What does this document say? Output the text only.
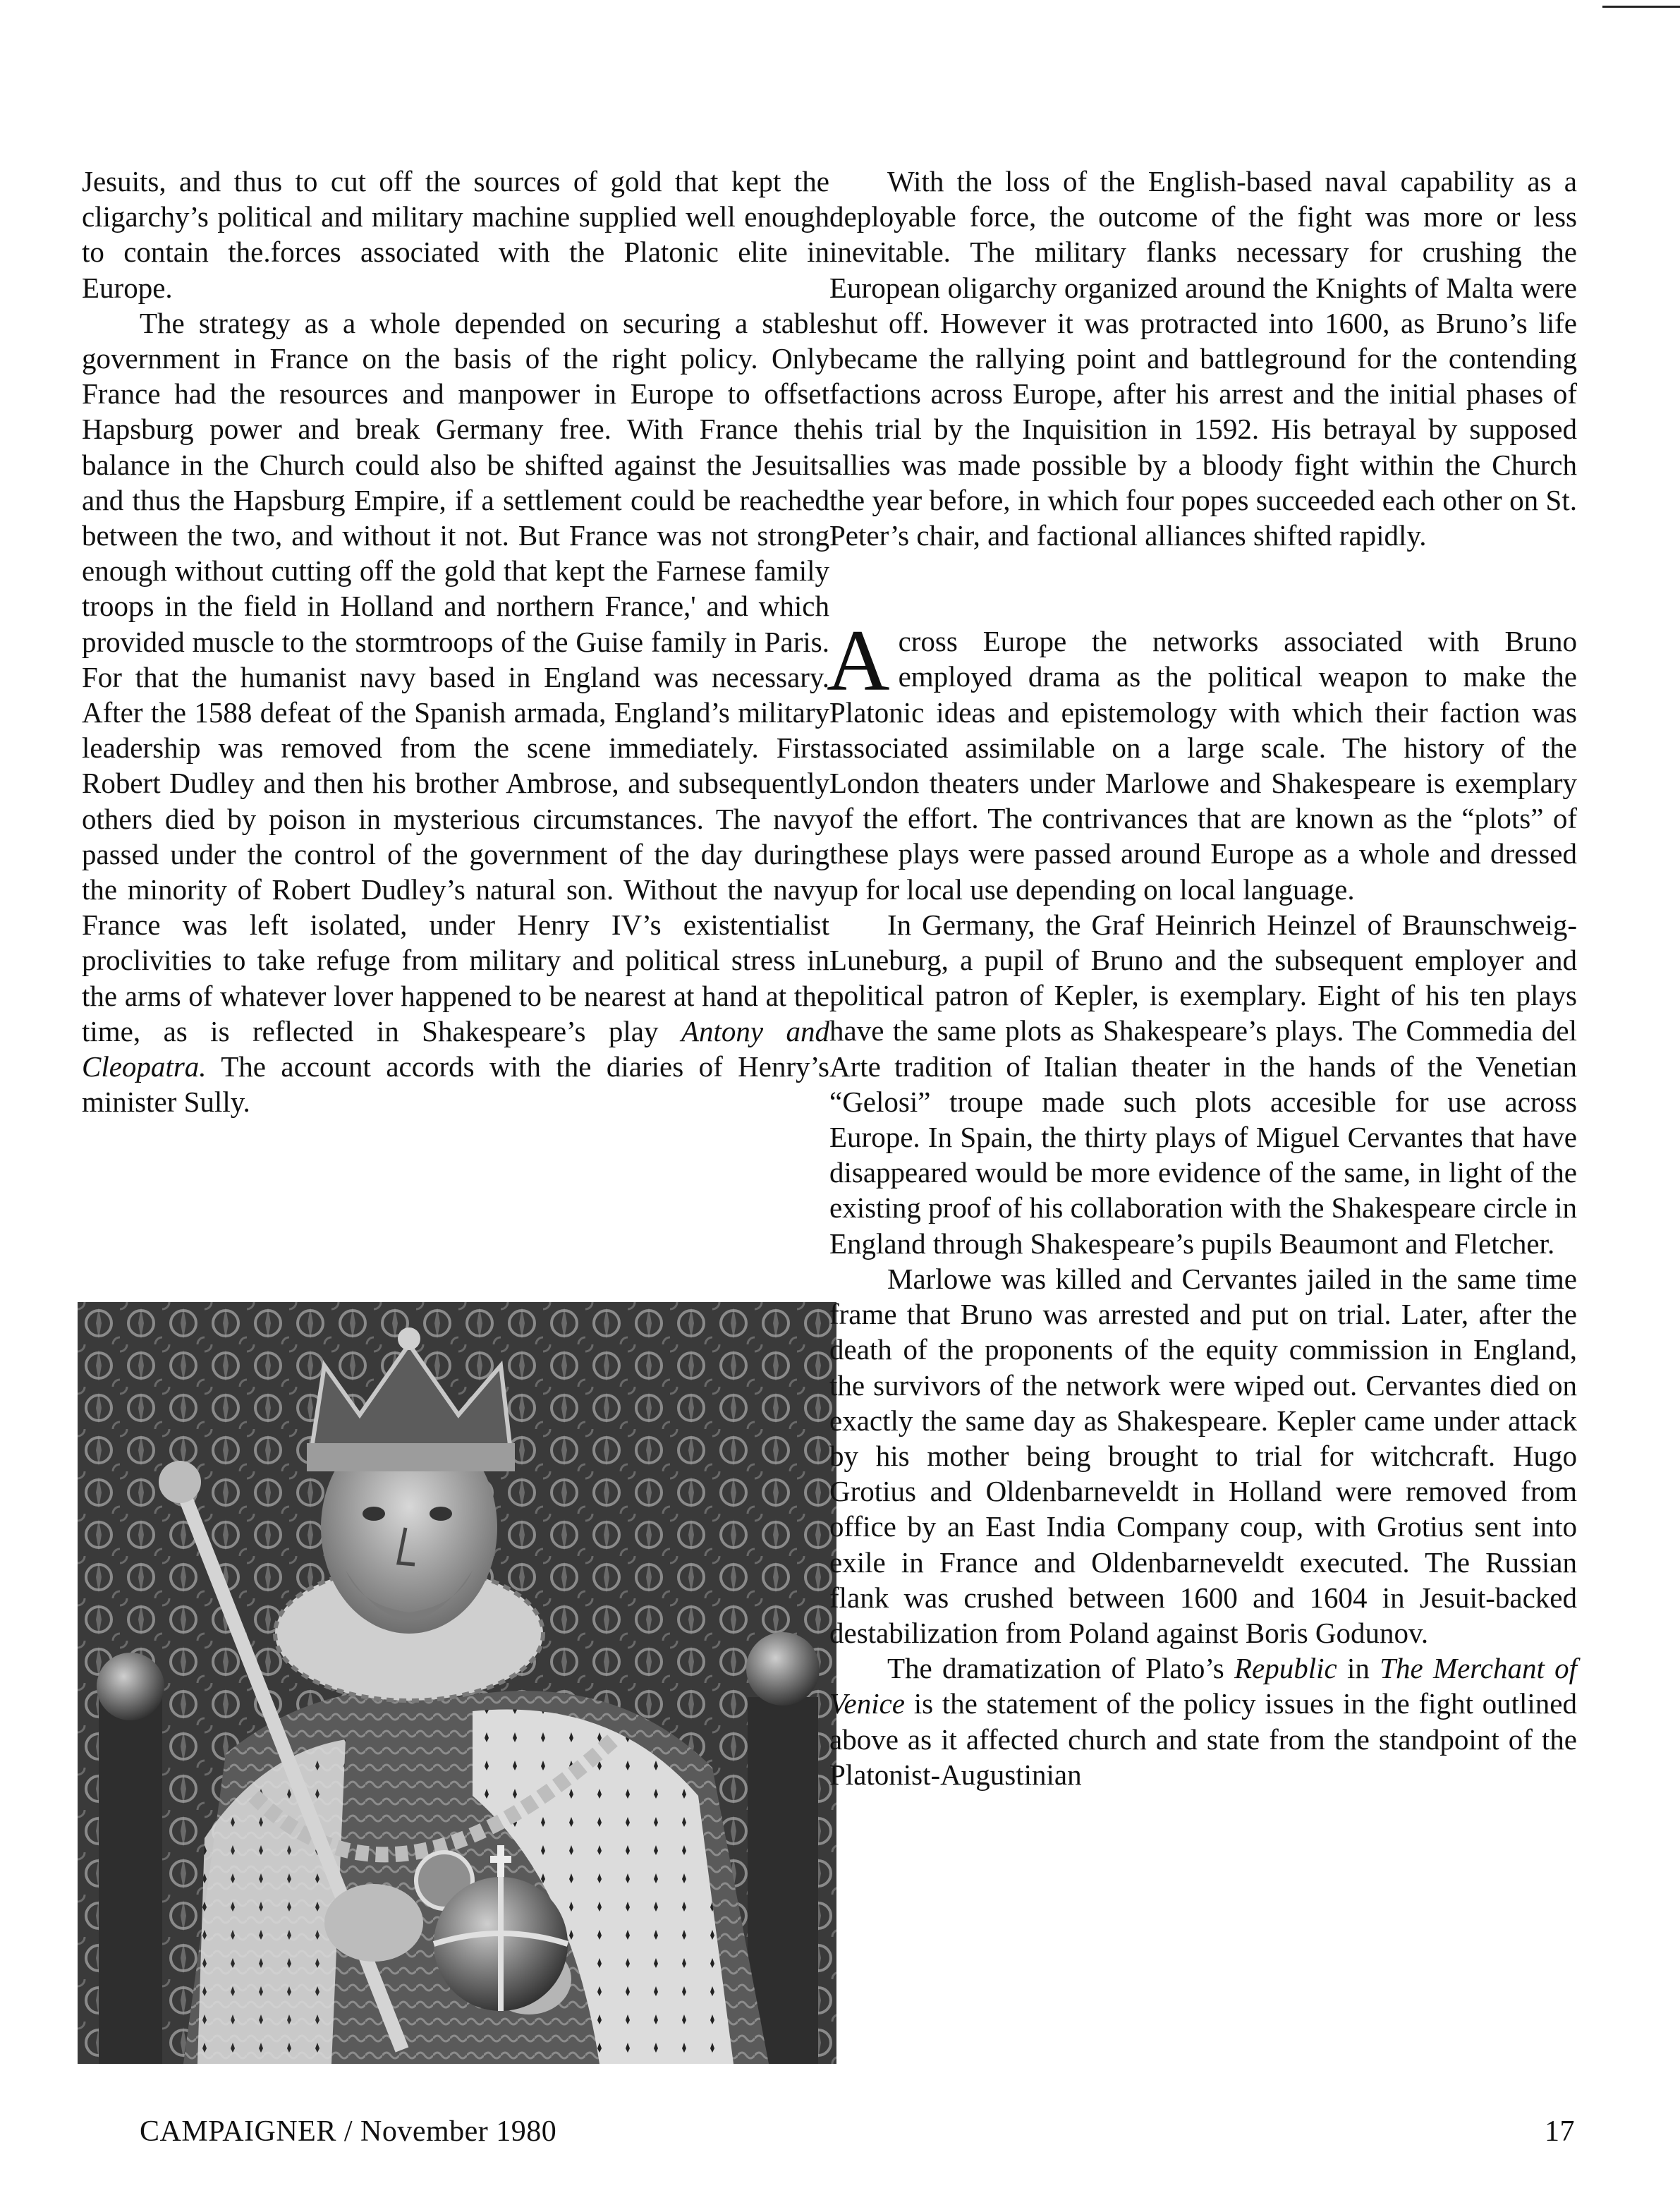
Jesuits, and thus to cut off the sources of gold that kept the cligarchy’s political and military machine supplied well enough to contain the.forces associated with the Platonic elite in Europe.

The strategy as a whole depended on securing a stable government in France on the basis of the right policy. Only France had the resources and manpower in Europe to offset Hapsburg power and break Germany free. With France the balance in the Church could also be shifted against the Jesuits and thus the Hapsburg Empire, if a settlement could be reached between the two, and without it not. But France was not strong enough without cutting off the gold that kept the Farnese family troops in the field in Holland and northern France,' and which provided muscle to the stormtroops of the Guise family in Paris. For that the humanist navy based in England was necessary. After the 1588 defeat of the Spanish armada, England’s military leadership was removed from the scene immediately. First Robert Dudley and then his brother Ambrose, and subsequently others died by poison in mysterious circumstances. The navy passed under the control of the government of the day during the minority of Robert Dudley’s natural son. Without the navy France was left isolated, under Henry IV’s existentialist proclivities to take refuge from military and political stress in the arms of whatever lover happened to be nearest at hand at the time, as is reflected in Shakespeare’s play Antony and Cleopatra. The account accords with the diaries of Henry’s minister Sully.

With the loss of the English-based naval capability as a deployable force, the outcome of the fight was more or less inevitable. The military flanks necessary for crushing the European oligarchy organized around the Knights of Malta were shut off. However it was protracted into 1600, as Bruno’s life became the rallying point and battleground for the contending factions across Europe, after his arrest and the initial phases of his trial by the Inquisition in 1592. His betrayal by supposed allies was made possible by a bloody fight within the Church the year before, in which four popes succeeded each other on St. Peter’s chair, and factional alliances shifted rapidly.

Across Europe the networks associated with Bruno employed drama as the political weapon to make the Platonic ideas and epistemology with which their faction was associated assimilable on a large scale. The history of the London theaters under Marlowe and Shakespeare is exemplary of the effort. The contrivances that are known as the “plots” of these plays were passed around Europe as a whole and dressed up for local use depending on local language.

In Germany, the Graf Heinrich Heinzel of Braunschweig-Luneburg, a pupil of Bruno and the subsequent employer and political patron of Kepler, is exemplary. Eight of his ten plays have the same plots as Shakespeare’s plays. The Commedia del Arte tradition of Italian theater in the hands of the Venetian “Gelosi” troupe made such plots accesible for use across Europe. In Spain, the thirty plays of Miguel Cervantes that have disappeared would be more evidence of the same, in light of the existing proof of his collaboration with the Shakespeare circle in England through Shakespeare’s pupils Beaumont and Fletcher.

Marlowe was killed and Cervantes jailed in the same time frame that Bruno was arrested and put on trial. Later, after the death of the proponents of the equity commission in England, the survivors of the network were wiped out. Cervantes died on exactly the same day as Shakespeare. Kepler came under attack by his mother being brought to trial for witchcraft. Hugo Grotius and Oldenbarneveldt in Holland were removed from office by an East India Company coup, with Grotius sent into exile in France and Oldenbarneveldt executed. The Russian flank was crushed between 1600 and 1604 in Jesuit-backed destabilization from Poland against Boris Godunov.

The dramatization of Plato’s Republic in The Merchant of Venice is the statement of the policy issues in the fight outlined above as it affected church and state from the standpoint of the Platonist-Augustinian

CAMPAIGNER / November 1980	17
